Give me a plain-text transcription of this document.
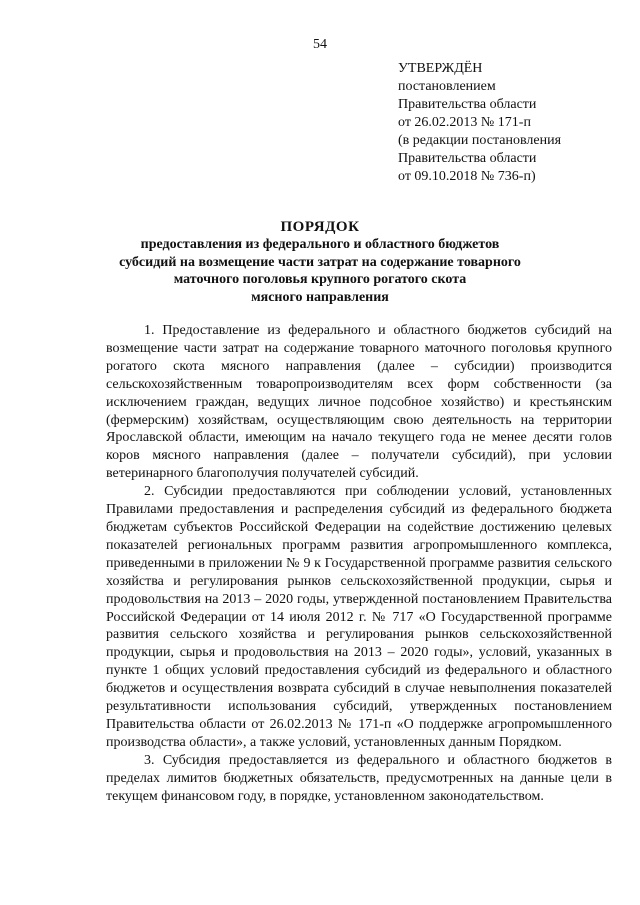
54
УТВЕРЖДЁН
постановлением
Правительства области
от 26.02.2013 № 171-п
(в редакции постановления
Правительства области
от 09.10.2018 № 736-п)
ПОРЯДОК
предоставления из федерального и областного бюджетов
субсидий на возмещение части затрат на содержание товарного
маточного поголовья крупного рогатого скота
мясного направления

1. Предоставление из федерального и областного бюджетов субсидий на возмещение части затрат на содержание товарного маточного поголовья крупного рогатого скота мясного направления (далее – субсидии) производится сельскохозяйственным товаропроизводителям всех форм собственности (за исключением граждан, ведущих личное подсобное хозяйство) и крестьянским (фермерским) хозяйствам, осуществляющим свою деятельность на территории Ярославской области, имеющим на начало текущего года не менее десяти голов коров мясного направления (далее – получатели субсидий), при условии ветеринарного благополучия получателей субсидий.

2. Субсидии предоставляются при соблюдении условий, установленных Правилами предоставления и распределения субсидий из федерального бюджета бюджетам субъектов Российской Федерации на содействие достижению целевых показателей региональных программ развития агропромышленного комплекса, приведенными в приложении № 9 к Государственной программе развития сельского хозяйства и регулирования рынков сельскохозяйственной продукции, сырья и продовольствия на 2013 – 2020 годы, утвержденной постановлением Правительства Российской Федерации от 14 июля 2012 г. № 717 «О Государственной программе развития сельского хозяйства и регулирования рынков сельскохозяйственной продукции, сырья и продовольствия на 2013 – 2020 годы», условий, указанных в пункте 1 общих условий предоставления субсидий из федерального и областного бюджетов и осуществления возврата субсидий в случае невыполнения показателей результативности использования субсидий, утвержденных постановлением Правительства области от 26.02.2013 № 171-п «О поддержке агропромышленного производства области», а также условий, установленных данным Порядком.

3. Субсидия предоставляется из федерального и областного бюджетов в пределах лимитов бюджетных обязательств, предусмотренных на данные цели в текущем финансовом году, в порядке, установленном законодательством.
